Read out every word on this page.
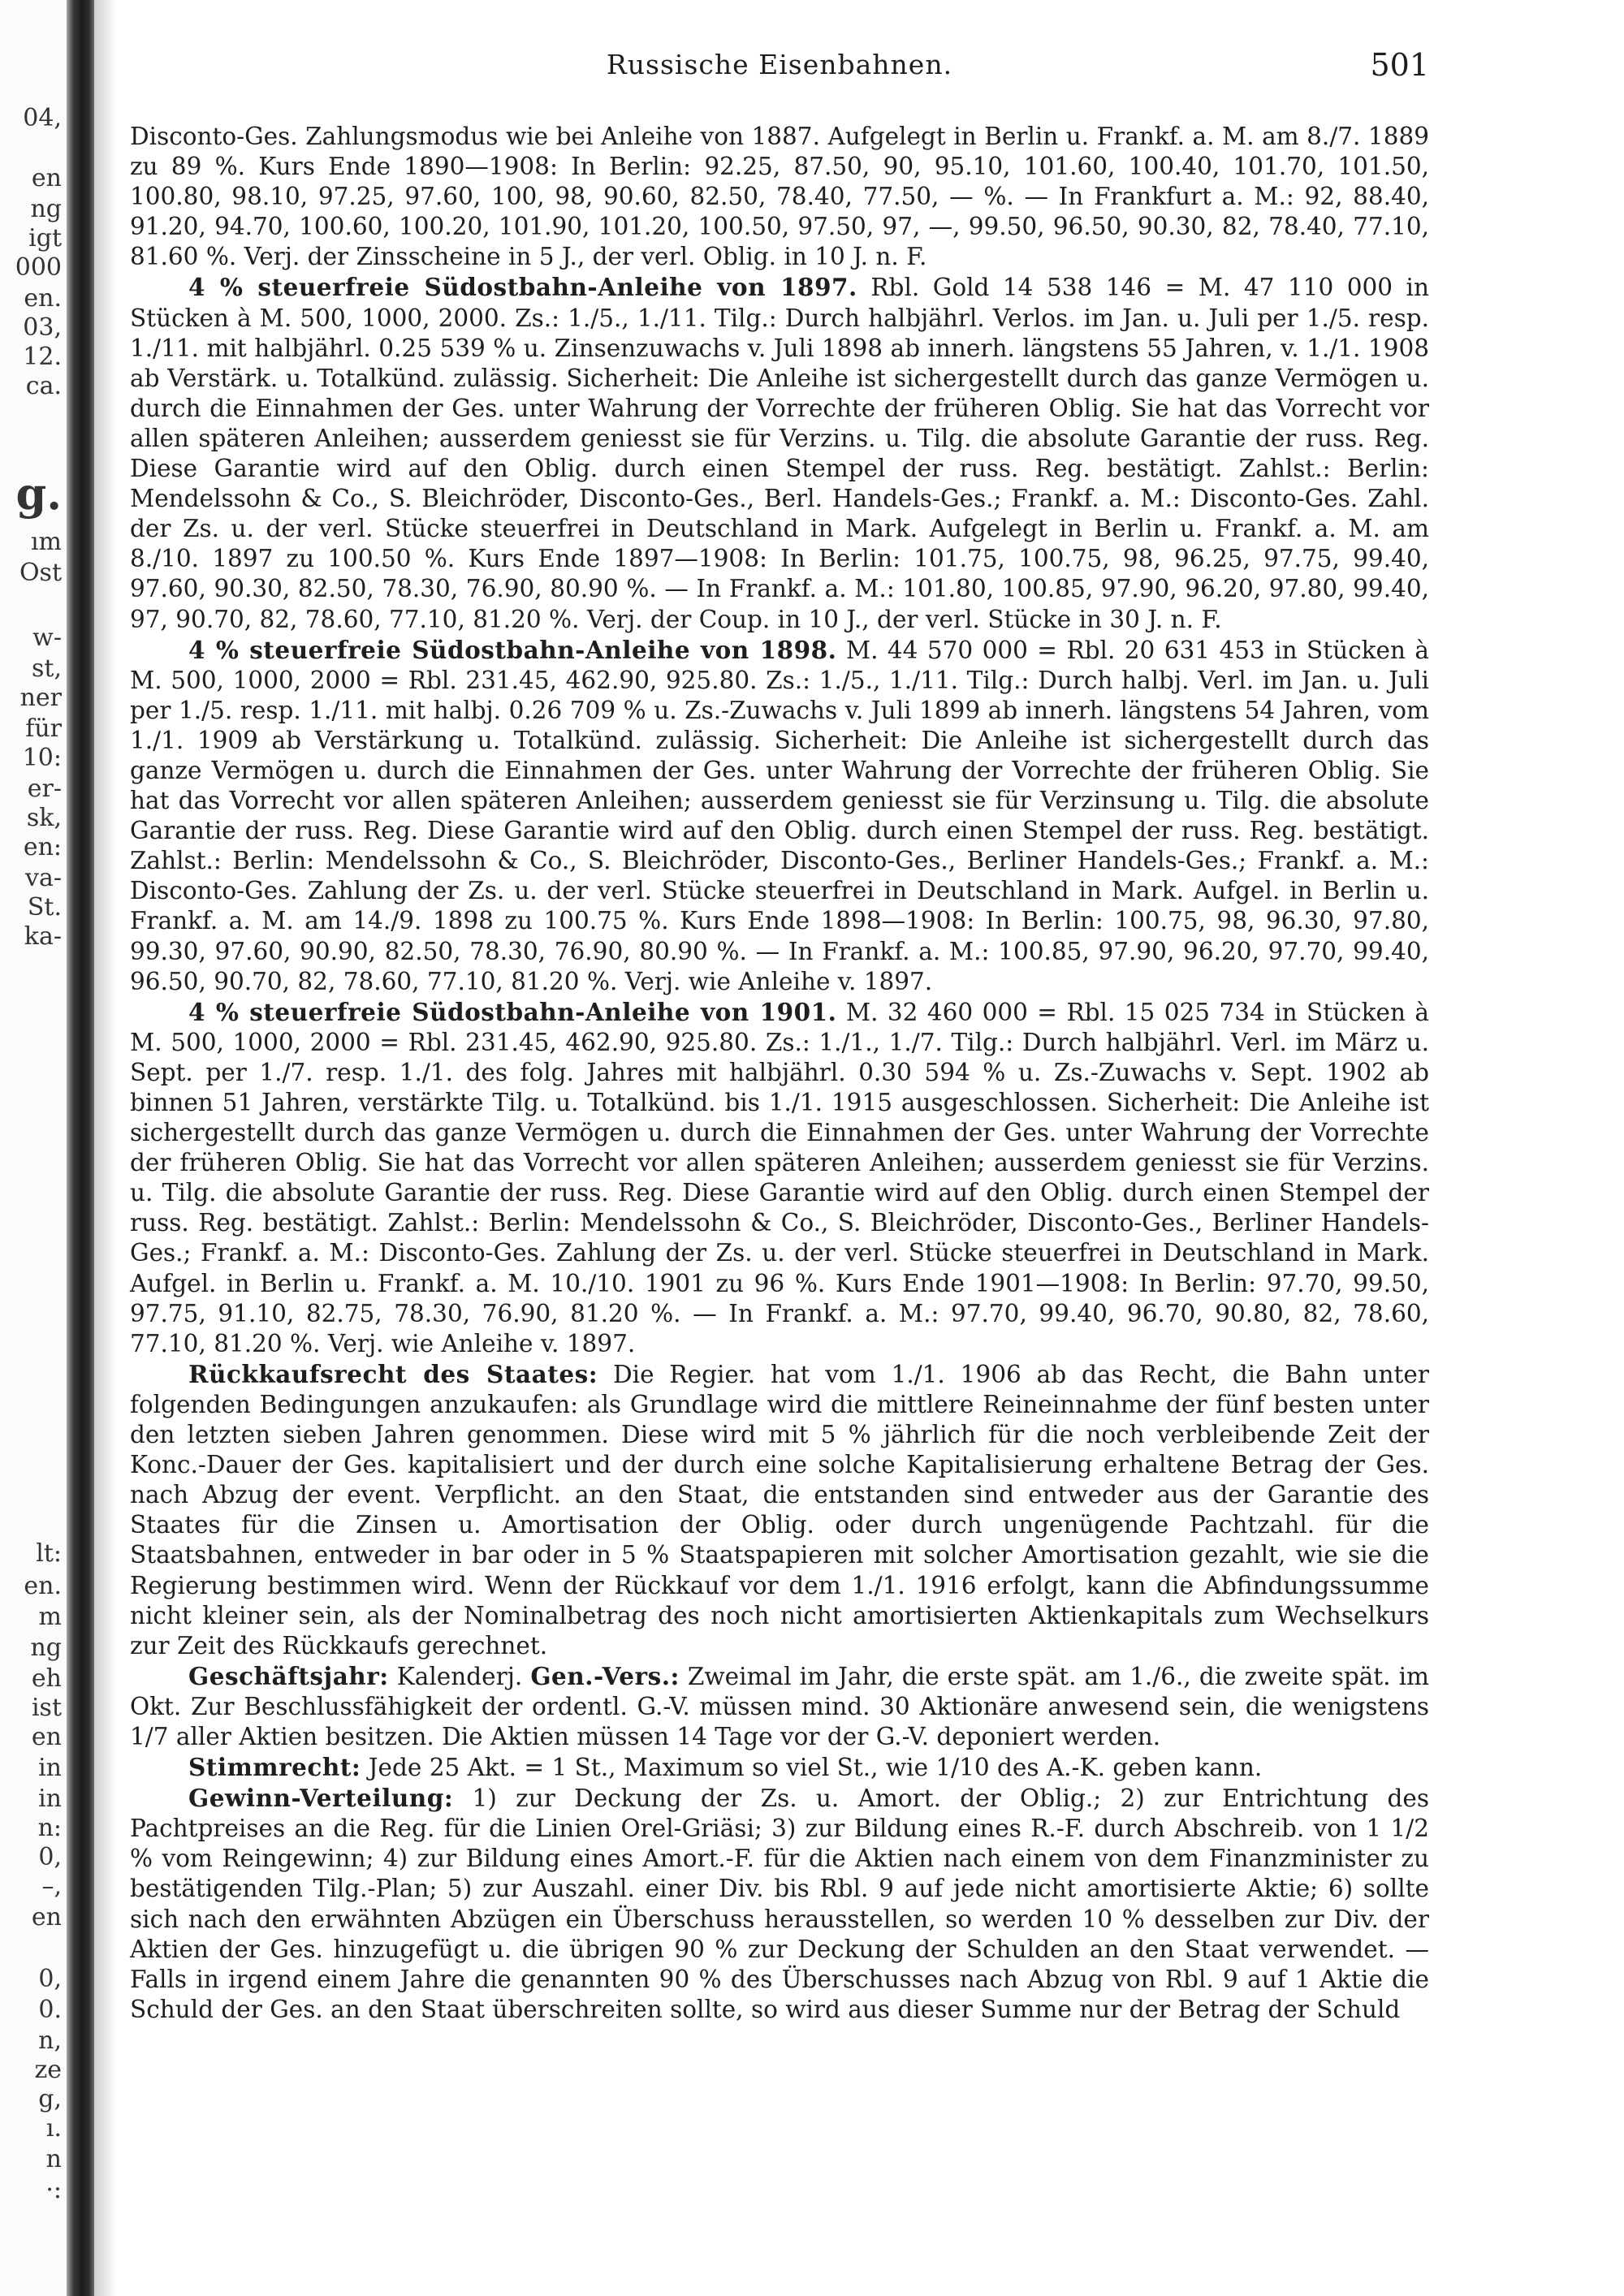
04,
en
ng
igt
000
en.
03,
12.
ca.
g.
ım
Ost
w-
st,
ner
für
10:
er-
sk,
en:
va-
St.
ka-
lt:
en.
m
ng
eh
ist
en
in
in
n:
0,
–,
en
0,
0.
n,
ze
g,
ı.
n
·:
Russische Eisenbahnen.	501

Disconto-Ges. Zahlungsmodus wie bei Anleihe von 1887. Aufgelegt in Berlin u. Frankf. a. M. am 8./7. 1889 zu 89 %. Kurs Ende 1890—1908: In Berlin: 92.25, 87.50, 90, 95.10, 101.60, 100.40, 101.70, 101.50, 100.80, 98.10, 97.25, 97.60, 100, 98, 90.60, 82.50, 78.40, 77.50, — %. — In Frankfurt a. M.: 92, 88.40, 91.20, 94.70, 100.60, 100.20, 101.90, 101.20, 100.50, 97.50, 97, —, 99.50, 96.50, 90.30, 82, 78.40, 77.10, 81.60 %. Verj. der Zinsscheine in 5 J., der verl. Oblig. in 10 J. n. F.

4 % steuerfreie Südostbahn-Anleihe von 1897. Rbl. Gold 14 538 146 = M. 47 110 000 in Stücken à M. 500, 1000, 2000. Zs.: 1./5., 1./11. Tilg.: Durch halbjährl. Verlos. im Jan. u. Juli per 1./5. resp. 1./11. mit halbjährl. 0.25 539 % u. Zinsenzuwachs v. Juli 1898 ab innerh. längstens 55 Jahren, v. 1./1. 1908 ab Verstärk. u. Totalkünd. zulässig. Sicherheit: Die Anleihe ist sichergestellt durch das ganze Vermögen u. durch die Einnahmen der Ges. unter Wahrung der Vorrechte der früheren Oblig. Sie hat das Vorrecht vor allen späteren Anleihen; ausserdem geniesst sie für Verzins. u. Tilg. die absolute Garantie der russ. Reg. Diese Garantie wird auf den Oblig. durch einen Stempel der russ. Reg. bestätigt. Zahlst.: Berlin: Mendelssohn & Co., S. Bleichröder, Disconto-Ges., Berl. Handels-Ges.; Frankf. a. M.: Disconto-Ges. Zahl. der Zs. u. der verl. Stücke steuerfrei in Deutschland in Mark. Aufgelegt in Berlin u. Frankf. a. M. am 8./10. 1897 zu 100.50 %. Kurs Ende 1897—1908: In Berlin: 101.75, 100.75, 98, 96.25, 97.75, 99.40, 97.60, 90.30, 82.50, 78.30, 76.90, 80.90 %. — In Frankf. a. M.: 101.80, 100.85, 97.90, 96.20, 97.80, 99.40, 97, 90.70, 82, 78.60, 77.10, 81.20 %. Verj. der Coup. in 10 J., der verl. Stücke in 30 J. n. F.

4 % steuerfreie Südostbahn-Anleihe von 1898. M. 44 570 000 = Rbl. 20 631 453 in Stücken à M. 500, 1000, 2000 = Rbl. 231.45, 462.90, 925.80. Zs.: 1./5., 1./11. Tilg.: Durch halbj. Verl. im Jan. u. Juli per 1./5. resp. 1./11. mit halbj. 0.26 709 % u. Zs.-Zuwachs v. Juli 1899 ab innerh. längstens 54 Jahren, vom 1./1. 1909 ab Verstärkung u. Totalkünd. zulässig. Sicherheit: Die Anleihe ist sichergestellt durch das ganze Vermögen u. durch die Einnahmen der Ges. unter Wahrung der Vorrechte der früheren Oblig. Sie hat das Vorrecht vor allen späteren Anleihen; ausserdem geniesst sie für Verzinsung u. Tilg. die absolute Garantie der russ. Reg. Diese Garantie wird auf den Oblig. durch einen Stempel der russ. Reg. bestätigt. Zahlst.: Berlin: Mendelssohn & Co., S. Bleichröder, Disconto-Ges., Berliner Handels-Ges.; Frankf. a. M.: Disconto-Ges. Zahlung der Zs. u. der verl. Stücke steuerfrei in Deutschland in Mark. Aufgel. in Berlin u. Frankf. a. M. am 14./9. 1898 zu 100.75 %. Kurs Ende 1898—1908: In Berlin: 100.75, 98, 96.30, 97.80, 99.30, 97.60, 90.90, 82.50, 78.30, 76.90, 80.90 %. — In Frankf. a. M.: 100.85, 97.90, 96.20, 97.70, 99.40, 96.50, 90.70, 82, 78.60, 77.10, 81.20 %. Verj. wie Anleihe v. 1897.

4 % steuerfreie Südostbahn-Anleihe von 1901. M. 32 460 000 = Rbl. 15 025 734 in Stücken à M. 500, 1000, 2000 = Rbl. 231.45, 462.90, 925.80. Zs.: 1./1., 1./7. Tilg.: Durch halbjährl. Verl. im März u. Sept. per 1./7. resp. 1./1. des folg. Jahres mit halbjährl. 0.30 594 % u. Zs.-Zuwachs v. Sept. 1902 ab binnen 51 Jahren, verstärkte Tilg. u. Totalkünd. bis 1./1. 1915 ausgeschlossen. Sicherheit: Die Anleihe ist sichergestellt durch das ganze Vermögen u. durch die Einnahmen der Ges. unter Wahrung der Vorrechte der früheren Oblig. Sie hat das Vorrecht vor allen späteren Anleihen; ausserdem geniesst sie für Verzins. u. Tilg. die absolute Garantie der russ. Reg. Diese Garantie wird auf den Oblig. durch einen Stempel der russ. Reg. bestätigt. Zahlst.: Berlin: Mendelssohn & Co., S. Bleichröder, Disconto-Ges., Berliner Handels-Ges.; Frankf. a. M.: Disconto-Ges. Zahlung der Zs. u. der verl. Stücke steuerfrei in Deutschland in Mark. Aufgel. in Berlin u. Frankf. a. M. 10./10. 1901 zu 96 %. Kurs Ende 1901—1908: In Berlin: 97.70, 99.50, 97.75, 91.10, 82.75, 78.30, 76.90, 81.20 %. — In Frankf. a. M.: 97.70, 99.40, 96.70, 90.80, 82, 78.60, 77.10, 81.20 %. Verj. wie Anleihe v. 1897.

Rückkaufsrecht des Staates: Die Regier. hat vom 1./1. 1906 ab das Recht, die Bahn unter folgenden Bedingungen anzukaufen: als Grundlage wird die mittlere Reineinnahme der fünf besten unter den letzten sieben Jahren genommen. Diese wird mit 5 % jährlich für die noch verbleibende Zeit der Konc.-Dauer der Ges. kapitalisiert und der durch eine solche Kapitalisierung erhaltene Betrag der Ges. nach Abzug der event. Verpflicht. an den Staat, die entstanden sind entweder aus der Garantie des Staates für die Zinsen u. Amortisation der Oblig. oder durch ungenügende Pachtzahl. für die Staatsbahnen, entweder in bar oder in 5 % Staatspapieren mit solcher Amortisation gezahlt, wie sie die Regierung bestimmen wird. Wenn der Rückkauf vor dem 1./1. 1916 erfolgt, kann die Abfindungssumme nicht kleiner sein, als der Nominalbetrag des noch nicht amortisierten Aktienkapitals zum Wechselkurs zur Zeit des Rückkaufs gerechnet.

Geschäftsjahr: Kalenderj. Gen.-Vers.: Zweimal im Jahr, die erste spät. am 1./6., die zweite spät. im Okt. Zur Beschlussfähigkeit der ordentl. G.-V. müssen mind. 30 Aktionäre anwesend sein, die wenigstens 1/7 aller Aktien besitzen. Die Aktien müssen 14 Tage vor der G.-V. deponiert werden.

Stimmrecht: Jede 25 Akt. = 1 St., Maximum so viel St., wie 1/10 des A.-K. geben kann.

Gewinn-Verteilung: 1) zur Deckung der Zs. u. Amort. der Oblig.; 2) zur Entrichtung des Pachtpreises an die Reg. für die Linien Orel-Griäsi; 3) zur Bildung eines R.-F. durch Abschreib. von 1 1/2 % vom Reingewinn; 4) zur Bildung eines Amort.-F. für die Aktien nach einem von dem Finanzminister zu bestätigenden Tilg.-Plan; 5) zur Auszahl. einer Div. bis Rbl. 9 auf jede nicht amortisierte Aktie; 6) sollte sich nach den erwähnten Abzügen ein Überschuss herausstellen, so werden 10 % desselben zur Div. der Aktien der Ges. hinzugefügt u. die übrigen 90 % zur Deckung der Schulden an den Staat verwendet. — Falls in irgend einem Jahre die genannten 90 % des Überschusses nach Abzug von Rbl. 9 auf 1 Aktie die Schuld der Ges. an den Staat überschreiten sollte, so wird aus dieser Summe nur der Betrag der Schuld
